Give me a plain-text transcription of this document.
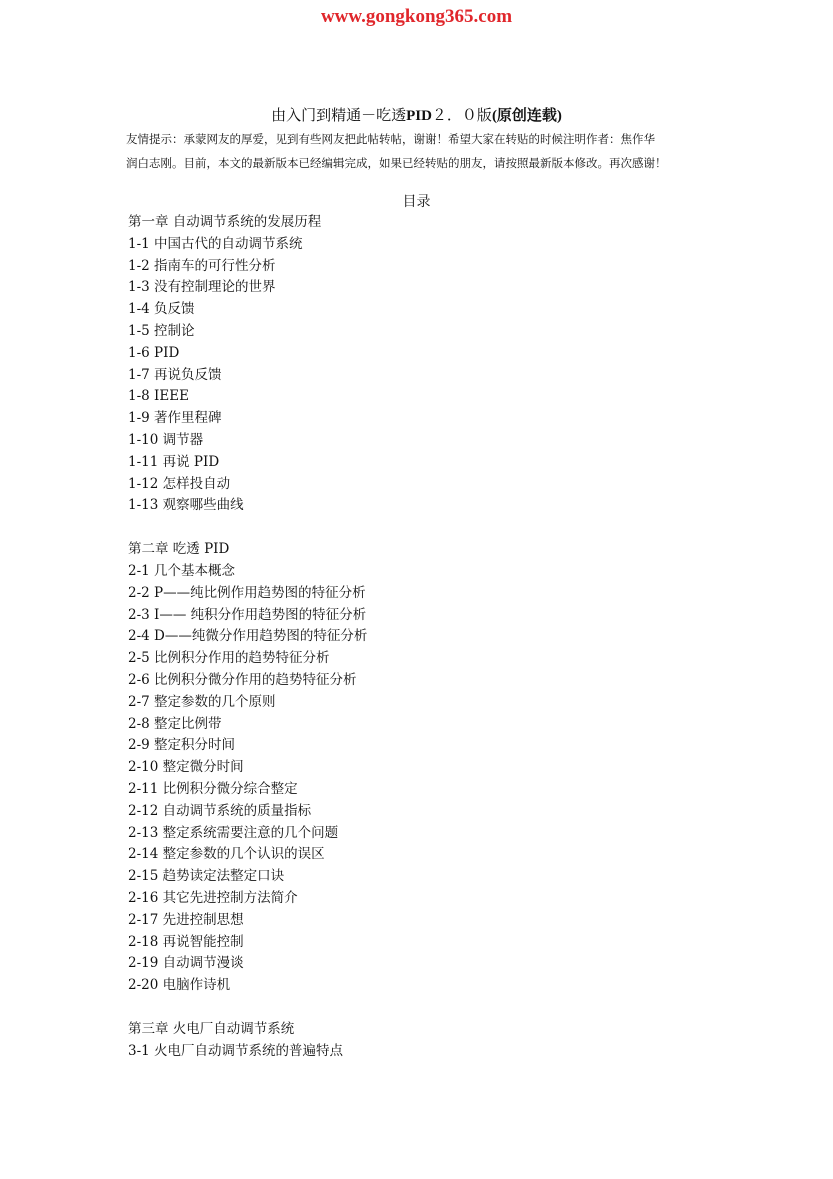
www.gongkong365.com
由入门到精通－吃透PID２．０版(原创连载)
友情提示：承蒙网友的厚爱，见到有些网友把此帖转帖，谢谢！希望大家在转贴的时候注明作者：焦作华
润白志刚。目前，本文的最新版本已经编辑完成，如果已经转贴的朋友，请按照最新版本修改。再次感谢！
目录
第一章 自动调节系统的发展历程
1-1 中国古代的自动调节系统
1-2 指南车的可行性分析
1-3 没有控制理论的世界
1-4 负反馈
1-5 控制论
1-6 PID
1-7 再说负反馈
1-8 IEEE
1-9 著作里程碑
1-10 调节器
1-11 再说 PID
1-12 怎样投自动
1-13 观察哪些曲线
第二章 吃透 PID
2-1 几个基本概念
2-2 P——纯比例作用趋势图的特征分析
2-3 I—— 纯积分作用趋势图的特征分析
2-4 D——纯微分作用趋势图的特征分析
2-5 比例积分作用的趋势特征分析
2-6 比例积分微分作用的趋势特征分析
2-7 整定参数的几个原则
2-8 整定比例带
2-9 整定积分时间
2-10 整定微分时间
2-11 比例积分微分综合整定
2-12 自动调节系统的质量指标
2-13 整定系统需要注意的几个问题
2-14 整定参数的几个认识的误区
2-15 趋势读定法整定口诀
2-16 其它先进控制方法简介
2-17 先进控制思想
2-18 再说智能控制
2-19 自动调节漫谈
2-20 电脑作诗机
第三章 火电厂自动调节系统
3-1 火电厂自动调节系统的普遍特点
